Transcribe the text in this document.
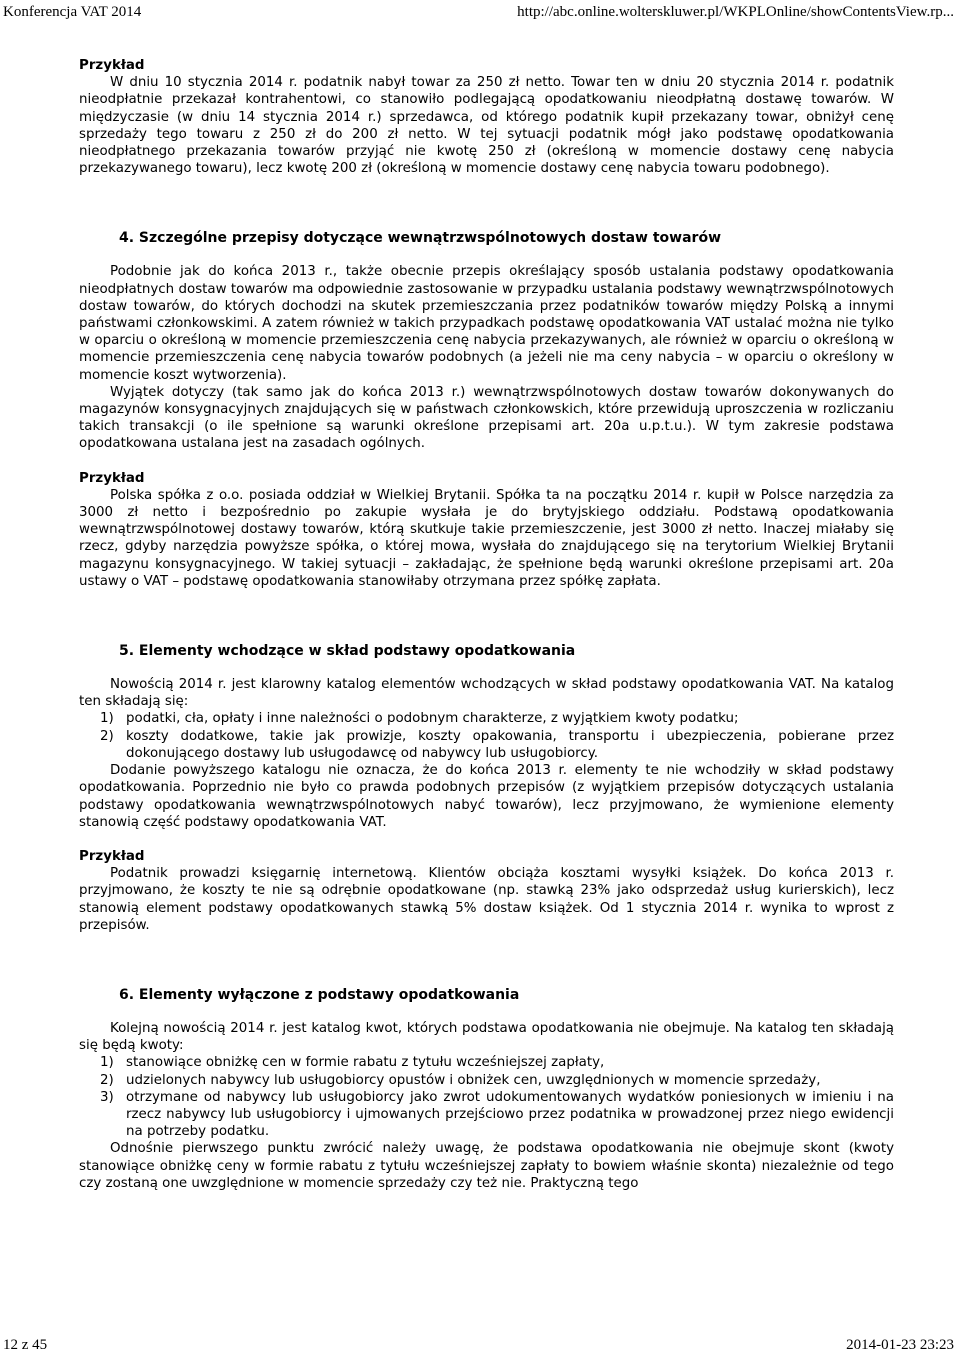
Konferencja VAT 2014	http://abc.online.wolterskluwer.pl/WKPLOnline/showContentsView.rp...
Przykład

W dniu 10 stycznia 2014 r. podatnik nabył towar za 250 zł netto. Towar ten w dniu 20 stycznia 2014 r. podatnik nieodpłatnie przekazał kontrahentowi, co stanowiło podlegającą opodatkowaniu nieodpłatną dostawę towarów. W międzyczasie (w dniu 14 stycznia 2014 r.) sprzedawca, od którego podatnik kupił przekazany towar, obniżył cenę sprzedaży tego towaru z 250 zł do 200 zł netto. W tej sytuacji podatnik mógł jako podstawę opodatkowania nieodpłatnego przekazania towarów przyjąć nie kwotę 250 zł (określoną w momencie dostawy cenę nabycia przekazywanego towaru), lecz kwotę 200 zł (określoną w momencie dostawy cenę nabycia towaru podobnego).

4. Szczególne przepisy dotyczące wewnątrzwspólnotowych dostaw towarów

Podobnie jak do końca 2013 r., także obecnie przepis określający sposób ustalania podstawy opodatkowania nieodpłatnych dostaw towarów ma odpowiednie zastosowanie w przypadku ustalania podstawy wewnątrzwspólnotowych dostaw towarów, do których dochodzi na skutek przemieszczania przez podatników towarów między Polską a innymi państwami członkowskimi. A zatem również w takich przypadkach podstawę opodatkowania VAT ustalać można nie tylko w oparciu o określoną w momencie przemieszczenia cenę nabycia przekazywanych, ale również w oparciu o określoną w momencie przemieszczenia cenę nabycia towarów podobnych (a jeżeli nie ma ceny nabycia – w oparciu o określony w momencie koszt wytworzenia).

Wyjątek dotyczy (tak samo jak do końca 2013 r.) wewnątrzwspólnotowych dostaw towarów dokonywanych do magazynów konsygnacyjnych znajdujących się w państwach członkowskich, które przewidują uproszczenia w rozliczaniu takich transakcji (o ile spełnione są warunki określone przepisami art. 20a u.p.t.u.). W tym zakresie podstawa opodatkowana ustalana jest na zasadach ogólnych.

Przykład

Polska spółka z o.o. posiada oddział w Wielkiej Brytanii. Spółka ta na początku 2014 r. kupił w Polsce narzędzia za 3000 zł netto i bezpośrednio po zakupie wysłała je do brytyjskiego oddziału. Podstawą opodatkowania wewnątrzwspólnotowej dostawy towarów, którą skutkuje takie przemieszczenie, jest 3000 zł netto. Inaczej miałaby się rzecz, gdyby narzędzia powyższe spółka, o której mowa, wysłała do znajdującego się na terytorium Wielkiej Brytanii magazynu konsygnacyjnego. W takiej sytuacji – zakładając, że spełnione będą warunki określone przepisami art. 20a ustawy o VAT – podstawę opodatkowania stanowiłaby otrzymana przez spółkę zapłata.

5. Elementy wchodzące w skład podstawy opodatkowania

Nowością 2014 r. jest klarowny katalog elementów wchodzących w skład podstawy opodatkowania VAT. Na katalog ten składają się:

1) podatki, cła, opłaty i inne należności o podobnym charakterze, z wyjątkiem kwoty podatku;
2) koszty dodatkowe, takie jak prowizje, koszty opakowania, transportu i ubezpieczenia, pobierane przez dokonującego dostawy lub usługodawcę od nabywcy lub usługobiorcy.

Dodanie powyższego katalogu nie oznacza, że do końca 2013 r. elementy te nie wchodziły w skład podstawy opodatkowania. Poprzednio nie było co prawda podobnych przepisów (z wyjątkiem przepisów dotyczących ustalania podstawy opodatkowania wewnątrzwspólnotowych nabyć towarów), lecz przyjmowano, że wymienione elementy stanowią część podstawy opodatkowania VAT.

Przykład

Podatnik prowadzi księgarnię internetową. Klientów obciąża kosztami wysyłki książek. Do końca 2013 r. przyjmowano, że koszty te nie są odrębnie opodatkowane (np. stawką 23% jako odsprzedaż usług kurierskich), lecz stanowią element podstawy opodatkowanych stawką 5% dostaw książek. Od 1 stycznia 2014 r. wynika to wprost z przepisów.

6. Elementy wyłączone z podstawy opodatkowania

Kolejną nowością 2014 r. jest katalog kwot, których podstawa opodatkowania nie obejmuje. Na katalog ten składają się będą kwoty:

1) stanowiące obniżkę cen w formie rabatu z tytułu wcześniejszej zapłaty,
2) udzielonych nabywcy lub usługobiorcy opustów i obniżek cen, uwzględnionych w momencie sprzedaży,
3) otrzymane od nabywcy lub usługobiorcy jako zwrot udokumentowanych wydatków poniesionych w imieniu i na rzecz nabywcy lub usługobiorcy i ujmowanych przejściowo przez podatnika w prowadzonej przez niego ewidencji na potrzeby podatku.

Odnośnie pierwszego punktu zwrócić należy uwagę, że podstawa opodatkowania nie obejmuje skont (kwoty stanowiące obniżkę ceny w formie rabatu z tytułu wcześniejszej zapłaty to bowiem właśnie skonta) niezależnie od tego czy zostaną one uwzględnione w momencie sprzedaży czy też nie. Praktyczną tego

12 z 45	2014-01-23 23:23
